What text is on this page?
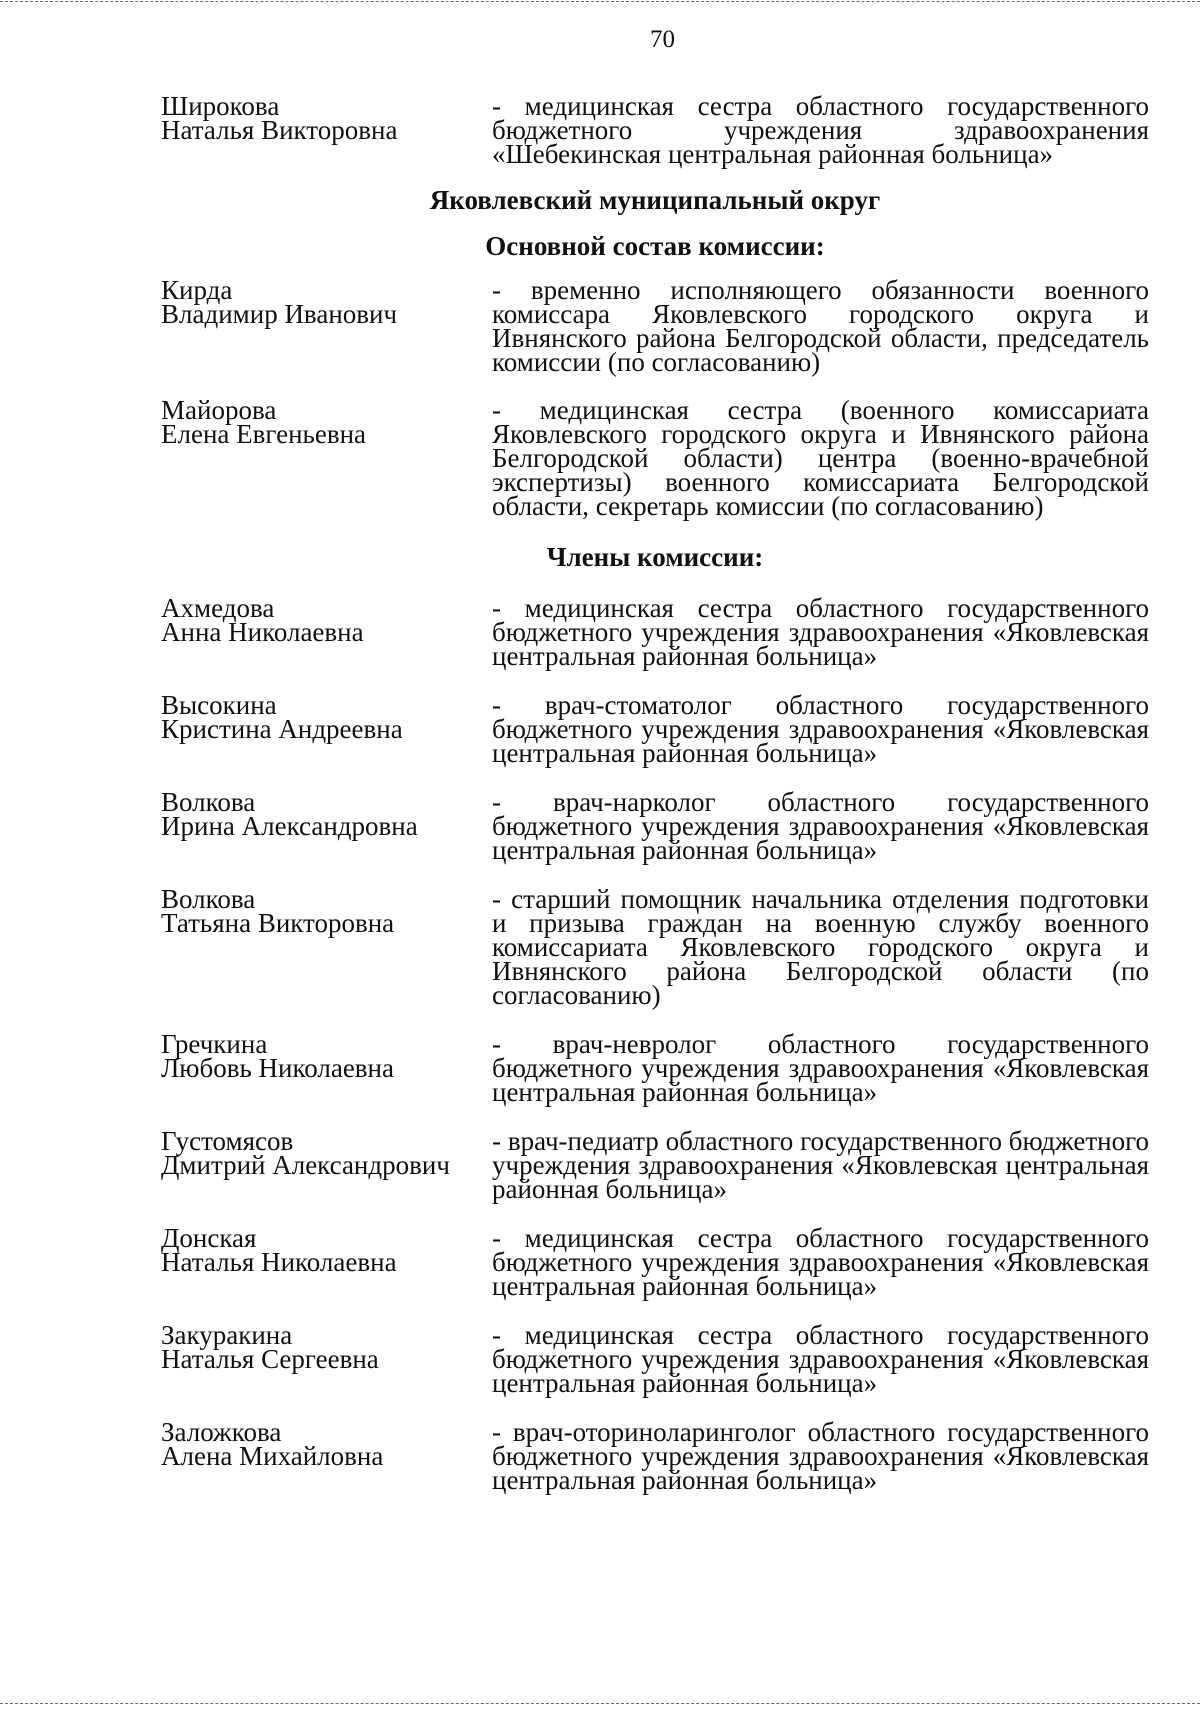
70
Широкова
Наталья Викторовна
- медицинская сестра областного государственного бюджетного учреждения здравоохранения «Шебекинская центральная районная больница»
Яковлевский муниципальный округ
Основной состав комиссии:
Кирда
Владимир Иванович
- временно исполняющего обязанности военного комиссара Яковлевского городского округа и Ивнянского района Белгородской области, председатель комиссии (по согласованию)
Майорова
Елена Евгеньевна
- медицинская сестра (военного комиссариата Яковлевского городского округа и Ивнянского района Белгородской области) центра (военно-врачебной экспертизы) военного комиссариата Белгородской области, секретарь комиссии (по согласованию)
Члены комиссии:
Ахмедова
Анна Николаевна
- медицинская сестра областного государственного бюджетного учреждения здравоохранения «Яковлевская центральная районная больница»
Высокина
Кристина Андреевна
- врач-стоматолог областного государственного бюджетного учреждения здравоохранения «Яковлевская центральная районная больница»
Волкова
Ирина Александровна
- врач-нарколог областного государственного бюджетного учреждения здравоохранения «Яковлевская центральная районная больница»
Волкова
Татьяна Викторовна
- старший помощник начальника отделения подготовки и призыва граждан на военную службу военного комиссариата Яковлевского городского округа и Ивнянского района Белгородской области (по согласованию)
Гречкина
Любовь Николаевна
- врач-невролог областного государственного бюджетного учреждения здравоохранения «Яковлевская центральная районная больница»
Густомясов
Дмитрий Александрович
- врач-педиатр областного государственного бюджетного учреждения здравоохранения «Яковлевская центральная районная больница»
Донская
Наталья Николаевна
- медицинская сестра областного государственного бюджетного учреждения здравоохранения «Яковлевская центральная районная больница»
Закуракина
Наталья Сергеевна
- медицинская сестра областного государственного бюджетного учреждения здравоохранения «Яковлевская центральная районная больница»
Заложкова
Алена Михайловна
- врач-оториноларинголог областного государственного бюджетного учреждения здравоохранения «Яковлевская центральная районная больница»
